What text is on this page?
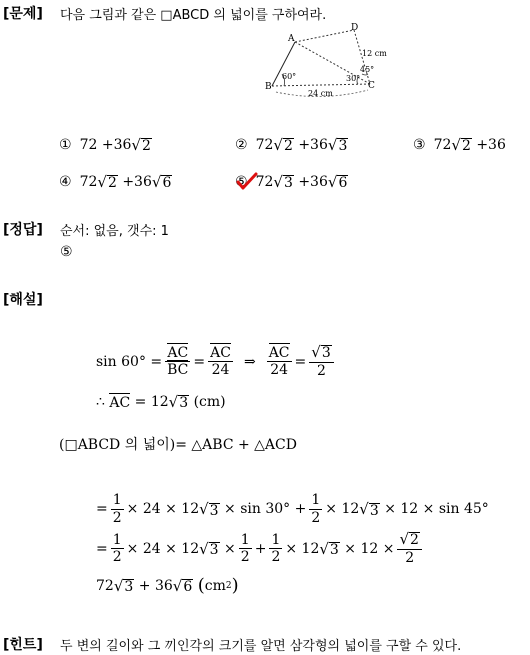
[문제] 다음 그림과 같은 □ABCD 의 넓이를 구하여라.
A
D
B	C
60°	30°
45°
12 cm
24 cm
① 72
+36 √ 2	② 72 √ 2
+36 √ 3	③ 72 √ 2
+36
④ 72 √ 2
+36 √ 6	⑤ 72 √ 3
+36 √ 6
[정답] 순서: 없음, 갯수: 1
⑤
[해설]
$\sin 60^\circ = \frac{AC}{BC} = \frac{AC}{24}$ ⇒ $\frac{AC}{24} = \frac{√ 3}{2}$
∴
AC
= 12 √ 3
(cm)
(□ABCD 의 넓이)= △ABC + △ACD
= $\frac{1}{2} \times 24 \times 12$ √ 3
× $\sin 30^\circ + \frac{1}{2} \times 12$ √ 3
× 12 × sin 45°
= $\frac{1}{2} \times 24 \times 12$ √ 3
× $\frac{1}{2} + \frac{1}{2} \times 12$ √ 3
× $12 \times \frac{√ 2}{2}$
72 √ 3
+ 36 √ 6
( cm 2 )
[힌트] 두 변의 길이와 그 끼인각의 크기를 알면 삼각형의 넓이를 구할 수 있다.
